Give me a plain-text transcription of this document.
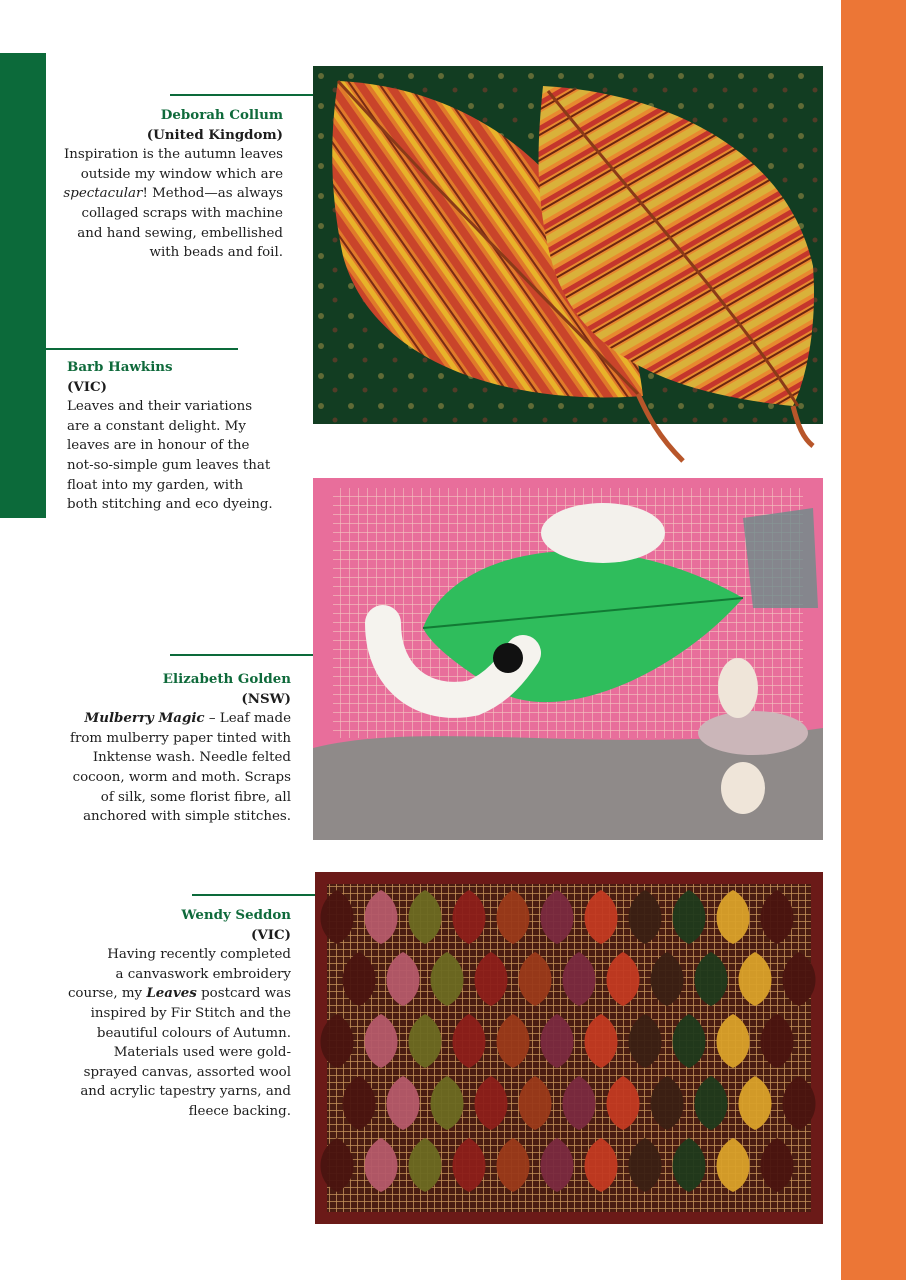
Deborah Collum
(United Kingdom)
Inspiration is the autumn leaves
outside my window which are
spectacular! Method—as always
collaged scraps with machine
and hand sewing, embellished
with beads and foil.
Barb Hawkins
(VIC)
Leaves and their variations
are a constant delight. My
leaves are in honour of the
not-so-simple gum leaves that
float into my garden, with
both stitching and eco dyeing.
Elizabeth Golden
(NSW)
Mulberry Magic – Leaf made
from mulberry paper tinted with
Inktense wash. Needle felted
cocoon, worm and moth. Scraps
of silk, some florist fibre, all
anchored with simple stitches.
Wendy Seddon
(VIC)
Having recently completed
a canvaswork embroidery
course, my Leaves postcard was
inspired by Fir Stitch and the
beautiful colours of Autumn.
Materials used were gold-
sprayed canvas, assorted wool
and acrylic tapestry yarns, and
fleece backing.
